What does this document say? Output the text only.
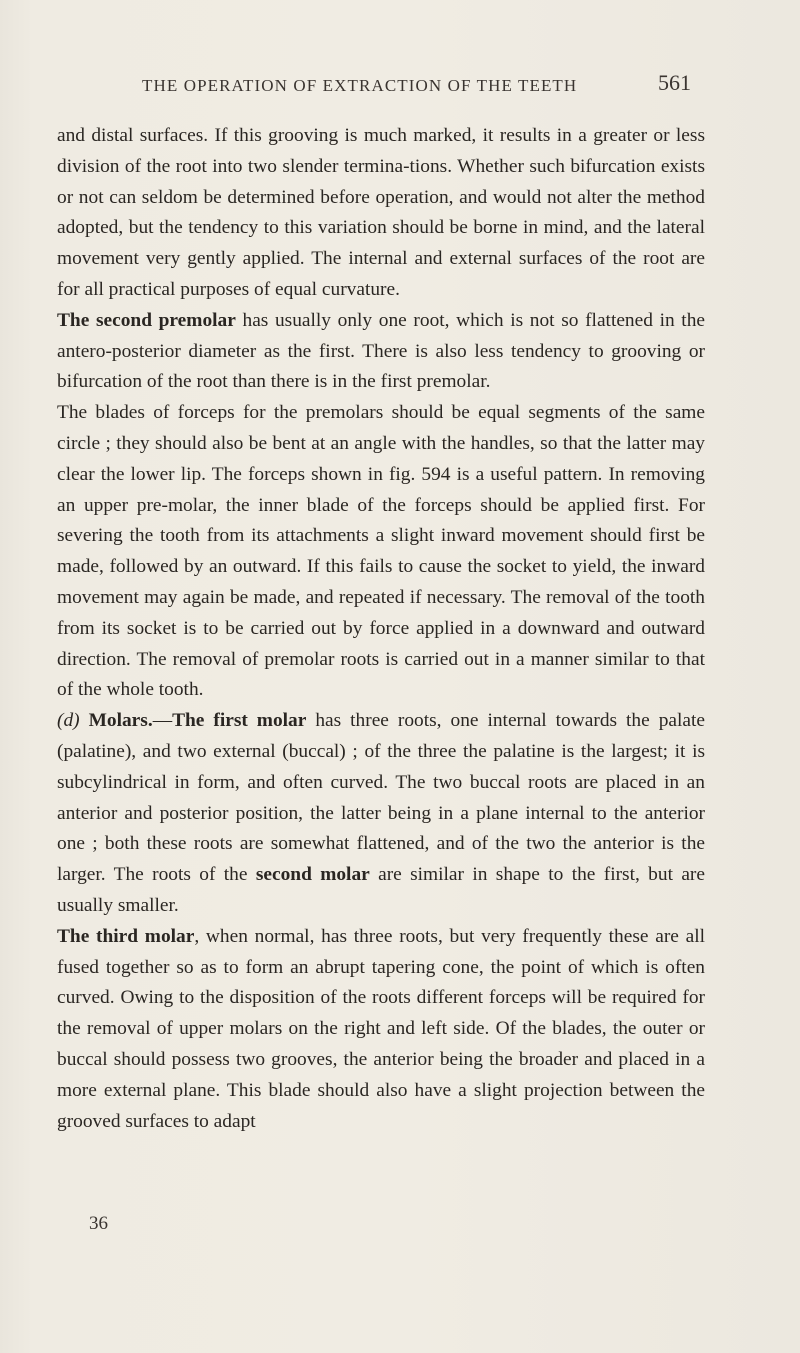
THE OPERATION OF EXTRACTION OF THE TEETH	561

and distal surfaces. If this grooving is much marked, it results in a greater or less division of the root into two slender termina-tions. Whether such bifurcation exists or not can seldom be determined before operation, and would not alter the method adopted, but the tendency to this variation should be borne in mind, and the lateral movement very gently applied. The internal and external surfaces of the root are for all practical purposes of equal curvature.

The second premolar has usually only one root, which is not so flattened in the antero-posterior diameter as the first. There is also less tendency to grooving or bifurcation of the root than there is in the first premolar.

The blades of forceps for the premolars should be equal segments of the same circle ; they should also be bent at an angle with the handles, so that the latter may clear the lower lip. The forceps shown in fig. 594 is a useful pattern. In removing an upper pre-molar, the inner blade of the forceps should be applied first. For severing the tooth from its attachments a slight inward movement should first be made, followed by an outward. If this fails to cause the socket to yield, the inward movement may again be made, and repeated if necessary. The removal of the tooth from its socket is to be carried out by force applied in a downward and outward direction. The removal of premolar roots is carried out in a manner similar to that of the whole tooth.

(d) Molars.—The first molar has three roots, one internal towards the palate (palatine), and two external (buccal) ; of the three the palatine is the largest; it is subcylindrical in form, and often curved. The two buccal roots are placed in an anterior and posterior position, the latter being in a plane internal to the anterior one ; both these roots are somewhat flattened, and of the two the anterior is the larger. The roots of the second molar are similar in shape to the first, but are usually smaller.

The third molar, when normal, has three roots, but very frequently these are all fused together so as to form an abrupt tapering cone, the point of which is often curved. Owing to the disposition of the roots different forceps will be required for the removal of upper molars on the right and left side. Of the blades, the outer or buccal should possess two grooves, the anterior being the broader and placed in a more external plane. This blade should also have a slight projection between the grooved surfaces to adapt

36
